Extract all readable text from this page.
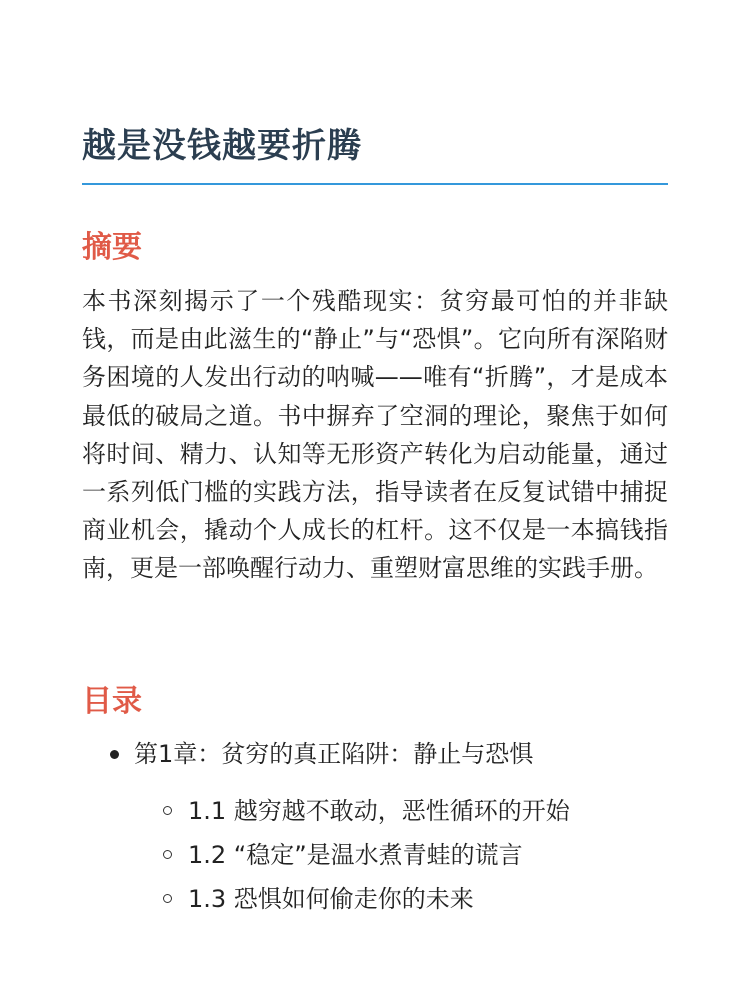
越是没钱越要折腾
摘要

本书深刻揭示了一个残酷现实：贫穷最可怕的并非缺钱，而是由此滋生的“静止”与“恐惧”。它向所有深陷财务困境的人发出行动的呐喊——唯有“折腾”，才是成本最低的破局之道。书中摒弃了空洞的理论，聚焦于如何将时间、精力、认知等无形资产转化为启动能量，通过一系列低门槛的实践方法，指导读者在反复试错中捕捉商业机会，撬动个人成长的杠杆。这不仅是一本搞钱指南，更是一部唤醒行动力、重塑财富思维的实践手册。

目录
第1章：贫穷的真正陷阱：静止与恐惧
1.1 越穷越不敢动，恶性循环的开始
1.2 “稳定”是温水煮青蛙的谎言
1.3 恐惧如何偷走你的未来
